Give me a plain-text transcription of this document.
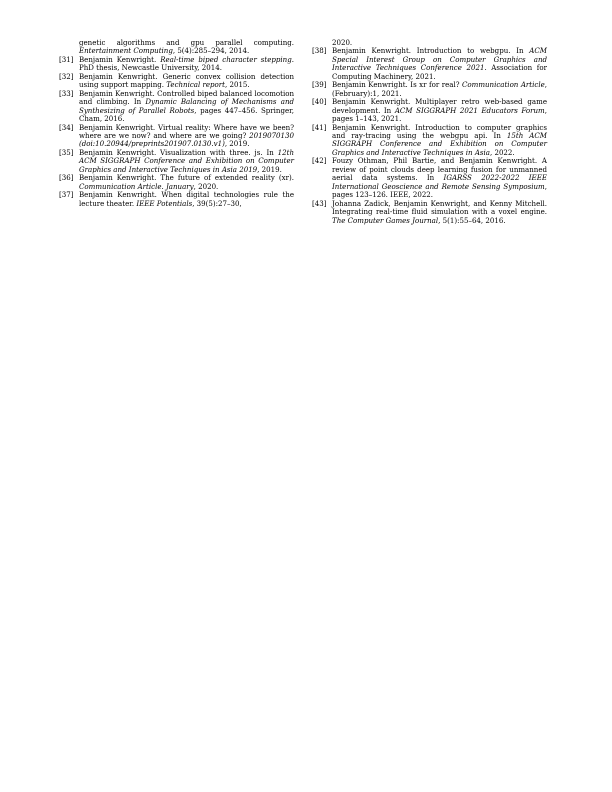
genetic algorithms and gpu parallel computing. Entertainment Computing, 5(4):285–294, 2014.
[31] Benjamin Kenwright. Real-time biped character stepping. PhD thesis, Newcastle University, 2014.
[32] Benjamin Kenwright. Generic convex collision detection using support mapping. Technical report, 2015.
[33] Benjamin Kenwright. Controlled biped balanced locomotion and climbing. In Dynamic Balancing of Mechanisms and Synthesizing of Parallel Robots, pages 447–456. Springer, Cham, 2016.
[34] Benjamin Kenwright. Virtual reality: Where have we been? where are we now? and where are we going? 2019070130 (doi:10.20944/preprints201907.0130.v1), 2019.
[35] Benjamin Kenwright. Visualization with three. js. In 12th ACM SIGGRAPH Conference and Exhibition on Computer Graphics and Interactive Techniques in Asia 2019, 2019.
[36] Benjamin Kenwright. The future of extended reality (xr). Communication Article. January, 2020.
[37] Benjamin Kenwright. When digital technologies rule the lecture theater. IEEE Potentials, 39(5):27–30,
2020.
[38] Benjamin Kenwright. Introduction to webgpu. In ACM Special Interest Group on Computer Graphics and Interactive Techniques Conference 2021. Association for Computing Machinery, 2021.
[39] Benjamin Kenwright. Is xr for real? Communication Article, (February):1, 2021.
[40] Benjamin Kenwright. Multiplayer retro web-based game development. In ACM SIGGRAPH 2021 Educators Forum, pages 1–143, 2021.
[41] Benjamin Kenwright. Introduction to computer graphics and ray-tracing using the webgpu api. In 15th ACM SIGGRAPH Conference and Exhibition on Computer Graphics and Interactive Techniques in Asia, 2022.
[42] Fouzy Othman, Phil Bartie, and Benjamin Kenwright. A review of point clouds deep learning fusion for unmanned aerial data systems. In IGARSS 2022-2022 IEEE International Geoscience and Remote Sensing Symposium, pages 123–126. IEEE, 2022.
[43] Johanna Zadick, Benjamin Kenwright, and Kenny Mitchell. Integrating real-time fluid simulation with a voxel engine. The Computer Games Journal, 5(1):55–64, 2016.
